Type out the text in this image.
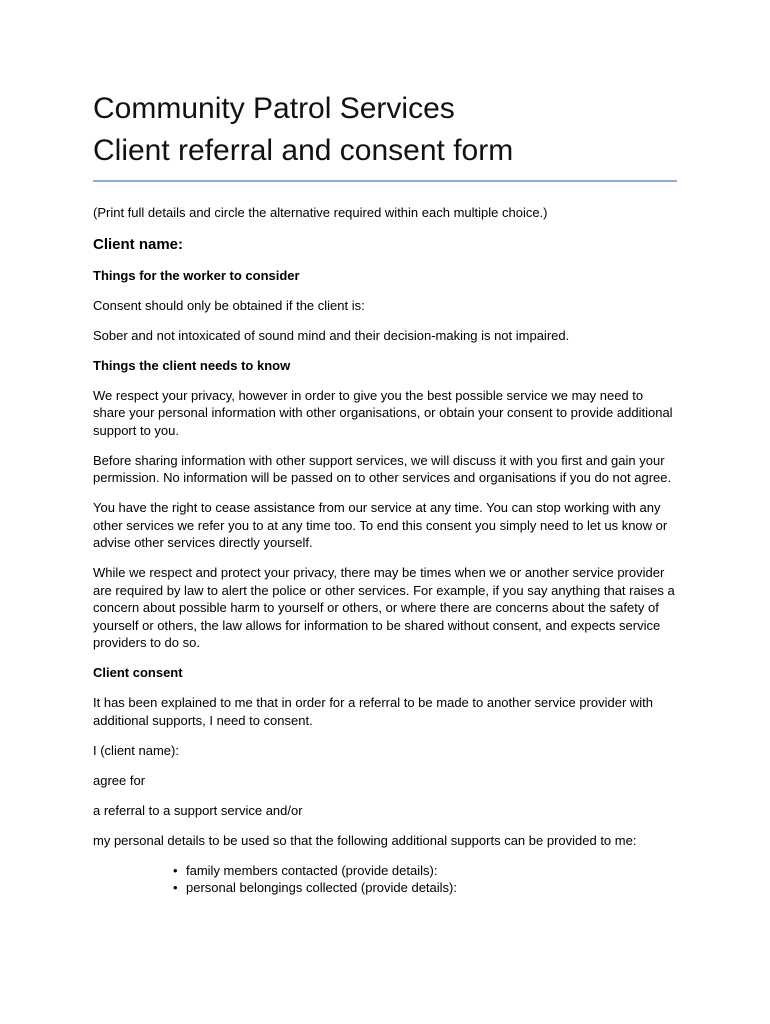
Community Patrol Services
Client referral and consent form

(Print full details and circle the alternative required within each multiple choice.)

Client name:

Things for the worker to consider

Consent should only be obtained if the client is:

Sober and not intoxicated of sound mind and their decision-making is not impaired.

Things the client needs to know

We respect your privacy, however in order to give you the best possible service we may need to share your personal information with other organisations, or obtain your consent to provide additional support to you.

Before sharing information with other support services, we will discuss it with you first and gain your permission. No information will be passed on to other services and organisations if you do not agree.

You have the right to cease assistance from our service at any time. You can stop working with any other services we refer you to at any time too. To end this consent you simply need to let us know or advise other services directly yourself.

While we respect and protect your privacy, there may be times when we or another service provider are required by law to alert the police or other services. For example, if you say anything that raises a concern about possible harm to yourself or others, or where there are concerns about the safety of yourself or others, the law allows for information to be shared without consent, and expects service providers to do so.

Client consent

It has been explained to me that in order for a referral to be made to another service provider with additional supports, I need to consent.

I (client name):

agree for

a referral to a support service and/or

my personal details to be used so that the following additional supports can be provided to me:

• family members contacted (provide details):
• personal belongings collected (provide details):
